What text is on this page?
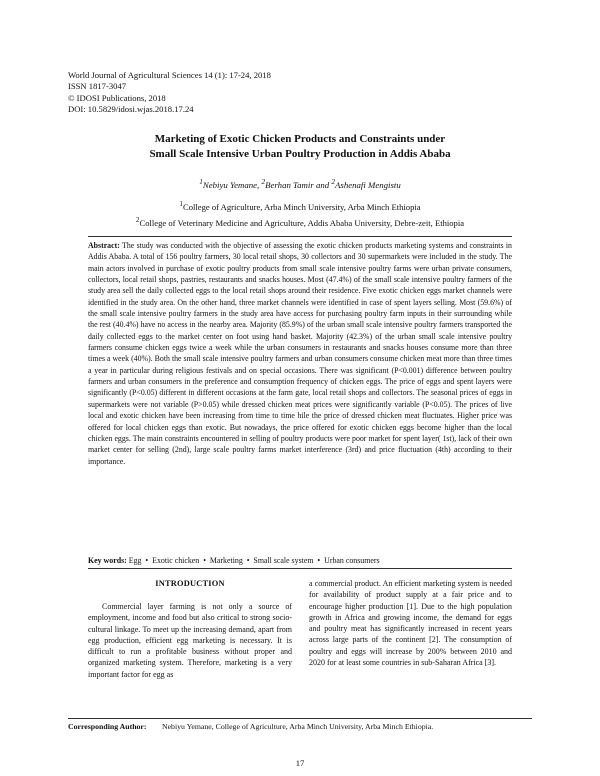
World Journal of Agricultural Sciences 14 (1): 17-24, 2018
ISSN 1817-3047
© IDOSI Publications, 2018
DOI: 10.5829/idosi.wjas.2018.17.24
Marketing of Exotic Chicken Products and Constraints under
Small Scale Intensive Urban Poultry Production in Addis Ababa
$^1$Nebiyu Yemane, $^2$Berhan Tamir and $^2$Ashenafi Mengistu
$^1$College of Agriculture, Arba Minch University, Arba Minch Ethiopia
$^2$College of Veterinary Medicine and Agriculture, Addis Ababa University, Debre-zeit, Ethiopia
Abstract: The study was conducted with the objective of assessing the exotic chicken products marketing systems and constraints in Addis Ababa. A total of 156 poultry farmers, 30 local retail shops, 30 collectors and 30 supermarkets were included in the study. The main actors involved in purchase of exotic poultry products from small scale intensive poultry farms were urban private consumers, collectors, local retail shops, pastries, restaurants and snacks houses. Most (47.4%) of the small scale intensive poultry farmers of the study area sell the daily collected eggs to the local retail shops around their residence. Five exotic chicken eggs market channels were identified in the study area. On the other hand, three market channels were identified in case of spent layers selling. Most (59.6%) of the small scale intensive poultry farmers in the study area have access for purchasing poultry farm inputs in their surrounding while the rest (40.4%) have no access in the nearby area. Majority (85.9%) of the urban small scale intensive poultry farmers transported the daily collected eggs to the market center on foot using hand basket. Majority (42.3%) of the urban small scale intensive poultry farmers consume chicken eggs twice a week while the urban consumers in restaurants and snacks houses consume more than three times a week (40%). Both the small scale intensive poultry farmers and urban consumers consume chicken meat more than three times a year in particular during religious festivals and on special occasions. There was significant (P<0.001) difference between poultry farmers and urban consumers in the preference and consumption frequency of chicken eggs. The price of eggs and spent layers were significantly (P<0.05) different in different occasions at the farm gate, local retail shops and collectors. The seasonal prices of eggs in supermarkets were not variable (P>0.05) while dressed chicken meat prices were significantly variable (P<0.05). The prices of live local and exotic chicken have been increasing from time to time hile the price of dressed chicken meat fluctuates. Higher price was offered for local chicken eggs than exotic. But nowadays, the price offered for exotic chicken eggs become higher than the local chicken eggs. The main constraints encountered in selling of poultry products were poor market for spent layer( 1st), lack of their own market center for selling (2nd), large scale poultry farms market interference (3rd) and price fluctuation (4th) according to their importance.
Key words: Egg  •  Exotic chicken  •  Marketing  •  Small scale system  •  Urban consumers
INTRODUCTION

Commercial layer farming is not only a source of employment, income and food but also critical to strong socio-cultural linkage. To meet up the increasing demand, apart from egg production, efficient egg marketing is necessary. It is difficult to run a profitable business without proper and organized marketing system. Therefore, marketing is a very important factor for egg as

a commercial product. An efficient marketing system is needed for availability of product supply at a fair price and to encourage higher production [1]. Due to the high population growth in Africa and growing income, the demand for eggs and poultry meat has significantly increased in recent years across large parts of the continent [2]. The consumption of poultry and eggs will increase by 200% between 2010 and 2020 for at least some countries in sub-Saharan Africa [3].

Corresponding Author: Nebiyu Yemane, College of Agriculture, Arba Minch University, Arba Minch Ethiopia.
17
